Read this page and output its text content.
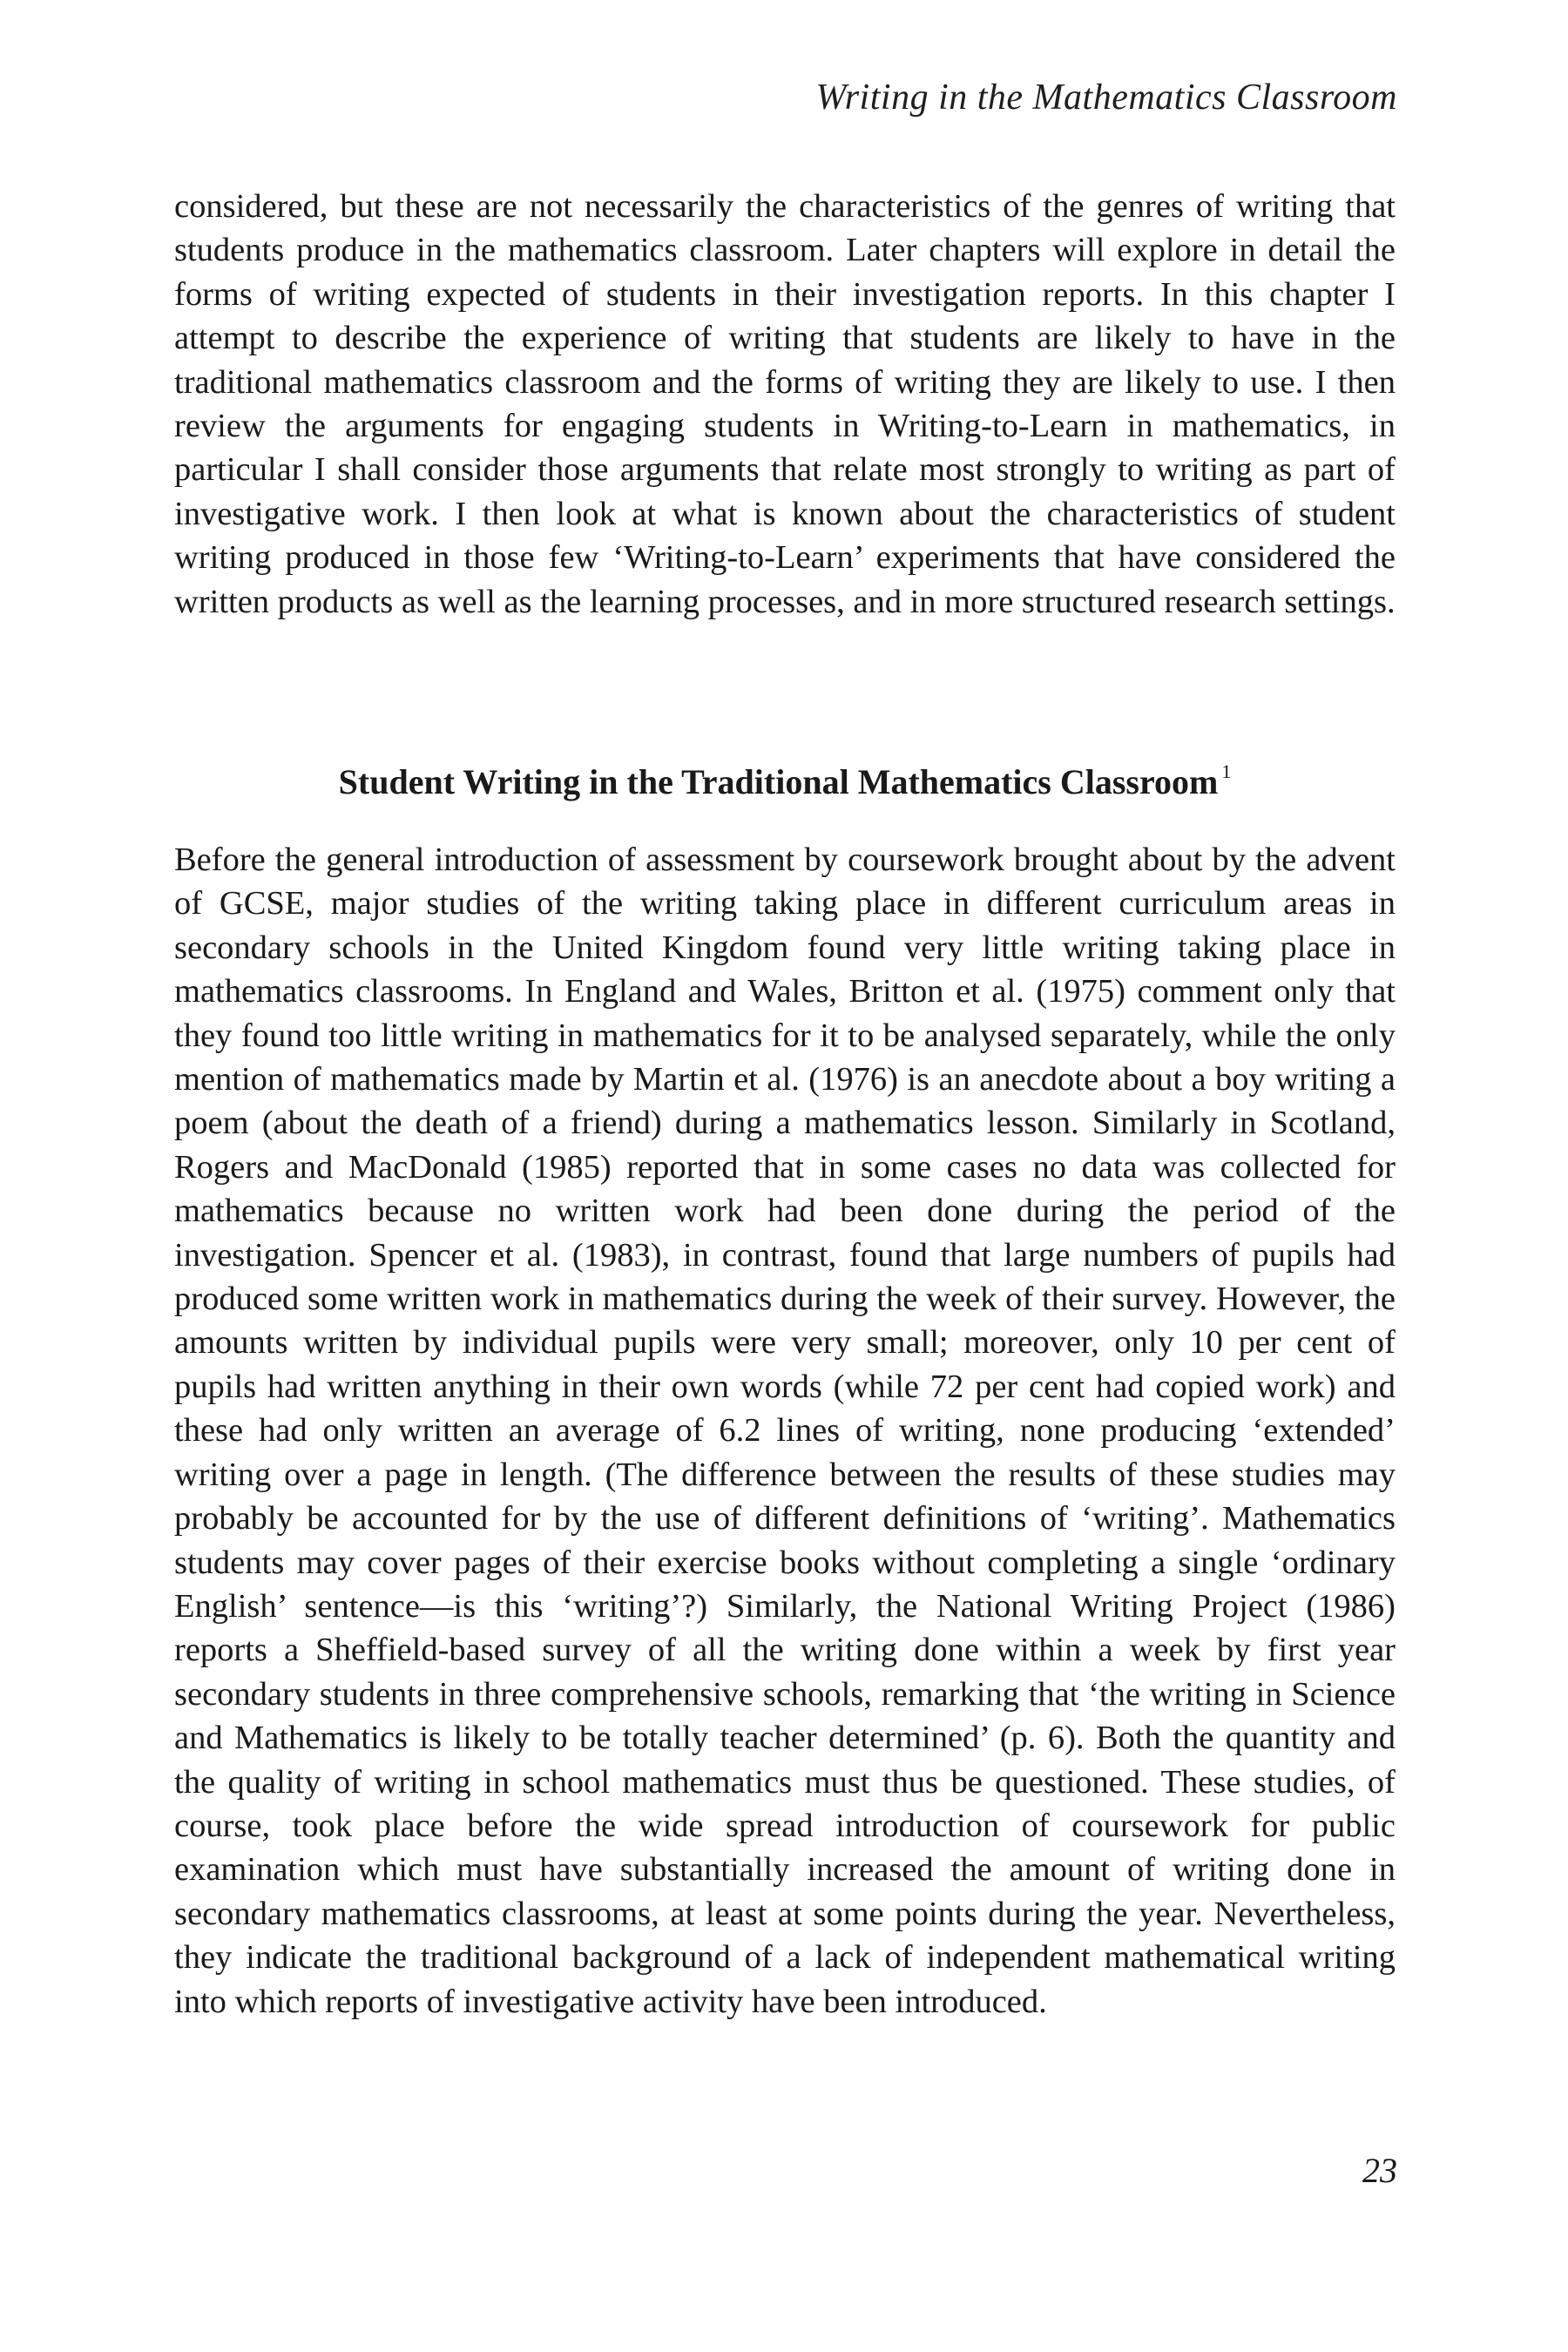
Writing in the Mathematics Classroom

considered, but these are not necessarily the characteristics of the genres of writing that students produce in the mathematics classroom. Later chapters will explore in detail the forms of writing expected of students in their investigation reports. In this chapter I attempt to describe the experience of writing that students are likely to have in the traditional mathematics classroom and the forms of writing they are likely to use. I then review the arguments for engaging students in Writing-to-Learn in mathematics, in particular I shall consider those arguments that relate most strongly to writing as part of investigative work. I then look at what is known about the characteristics of student writing produced in those few ‘Writing-to-Learn’ experiments that have considered the written products as well as the learning processes, and in more structured research settings.

Student Writing in the Traditional Mathematics Classroom $^1$

Before the general introduction of assessment by coursework brought about by the advent of GCSE, major studies of the writing taking place in different curriculum areas in secondary schools in the United Kingdom found very little writing taking place in mathematics classrooms. In England and Wales, Britton et al. (1975) comment only that they found too little writing in mathematics for it to be analysed separately, while the only mention of mathematics made by Martin et al. (1976) is an anecdote about a boy writing a poem (about the death of a friend) during a mathematics lesson. Similarly in Scotland, Rogers and MacDonald (1985) reported that in some cases no data was collected for mathematics because no written work had been done during the period of the investigation. Spencer et al. (1983), in contrast, found that large numbers of pupils had produced some written work in mathematics during the week of their survey. However, the amounts written by individual pupils were very small; moreover, only 10 per cent of pupils had written anything in their own words (while 72 per cent had copied work) and these had only written an average of 6.2 lines of writing, none producing ‘extended’ writing over a page in length. (The difference between the results of these studies may probably be accounted for by the use of different definitions of ‘writing’. Mathematics students may cover pages of their exercise books without completing a single ‘ordinary English’ sentence—is this ‘writing’?) Similarly, the National Writing Project (1986) reports a Sheffield-based survey of all the writing done within a week by first year secondary students in three comprehensive schools, remarking that ‘the writing in Science and Mathematics is likely to be totally teacher determined’ (p. 6). Both the quantity and the quality of writing in school mathematics must thus be questioned. These studies, of course, took place before the wide spread introduction of coursework for public examination which must have substantially increased the amount of writing done in secondary mathematics classrooms, at least at some points during the year. Nevertheless, they indicate the traditional background of a lack of independent mathematical writing into which reports of investigative activity have been introduced.

23
